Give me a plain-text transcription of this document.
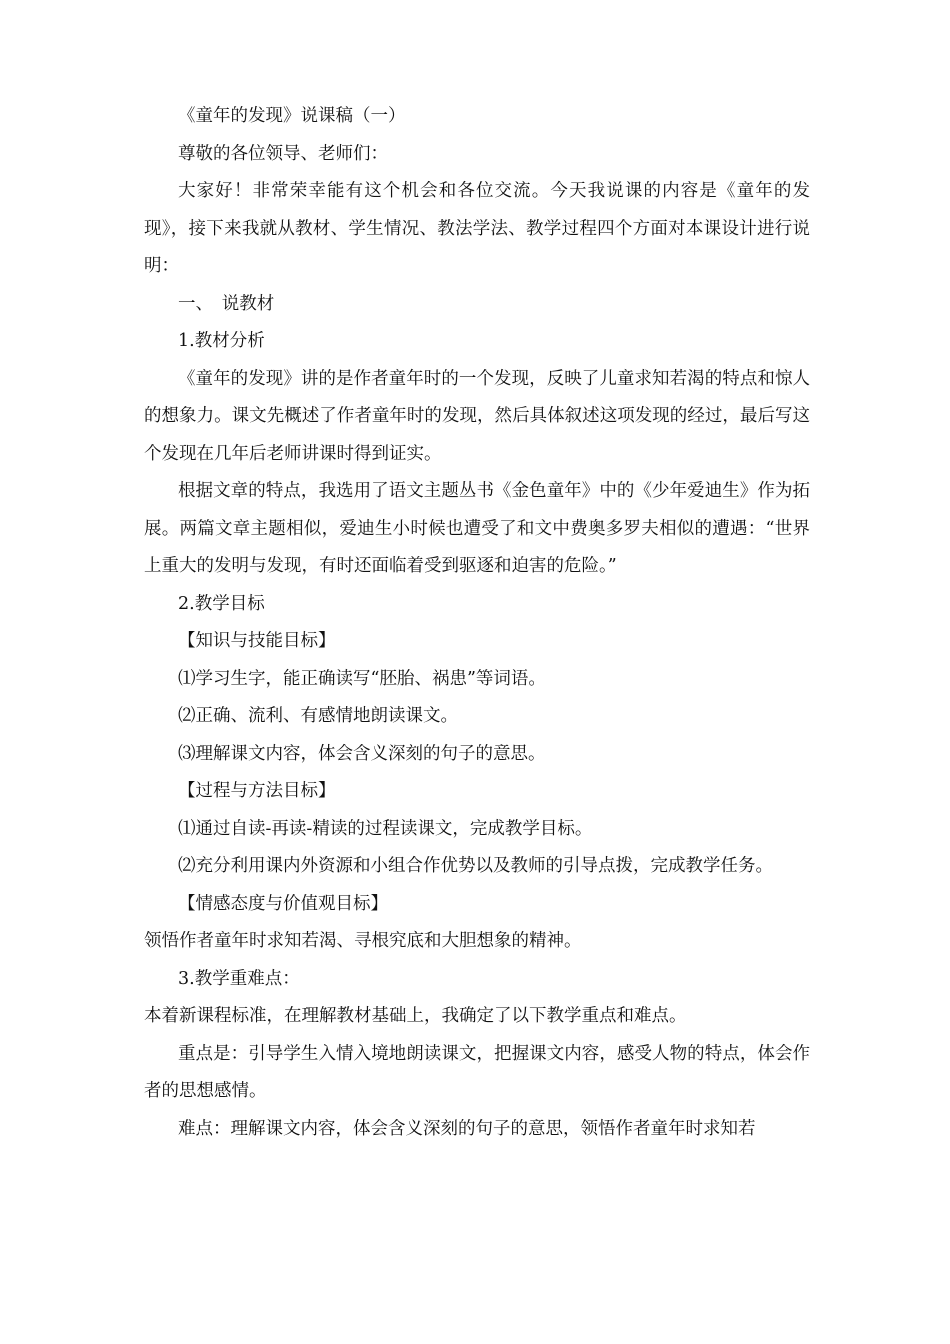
《童年的发现》说课稿（一）

尊敬的各位领导、老师们：

大家好！非常荣幸能有这个机会和各位交流。今天我说课的内容是《童年的发现》，接下来我就从教材、学生情况、教法学法、教学过程四个方面对本课设计进行说明：

一、　说教材

1.教材分析

《童年的发现》讲的是作者童年时的一个发现，反映了儿童求知若渴的特点和惊人的想象力。课文先概述了作者童年时的发现，然后具体叙述这项发现的经过，最后写这个发现在几年后老师讲课时得到证实。

根据文章的特点，我选用了语文主题丛书《金色童年》中的《少年爱迪生》作为拓展。两篇文章主题相似，爱迪生小时候也遭受了和文中费奥多罗夫相似的遭遇：“世界上重大的发明与发现，有时还面临着受到驱逐和迫害的危险。”

2.教学目标

【知识与技能目标】

⑴学习生字，能正确读写“胚胎、祸患”等词语。

⑵正确、流利、有感情地朗读课文。

⑶理解课文内容，体会含义深刻的句子的意思。

【过程与方法目标】

⑴通过自读-再读-精读的过程读课文，完成教学目标。

⑵充分利用课内外资源和小组合作优势以及教师的引导点拨，完成教学任务。

【情感态度与价值观目标】

领悟作者童年时求知若渴、寻根究底和大胆想象的精神。

3.教学重难点：

本着新课程标准，在理解教材基础上，我确定了以下教学重点和难点。

重点是：引导学生入情入境地朗读课文，把握课文内容，感受人物的特点，体会作者的思想感情。

难点：理解课文内容，体会含义深刻的句子的意思，领悟作者童年时求知若
